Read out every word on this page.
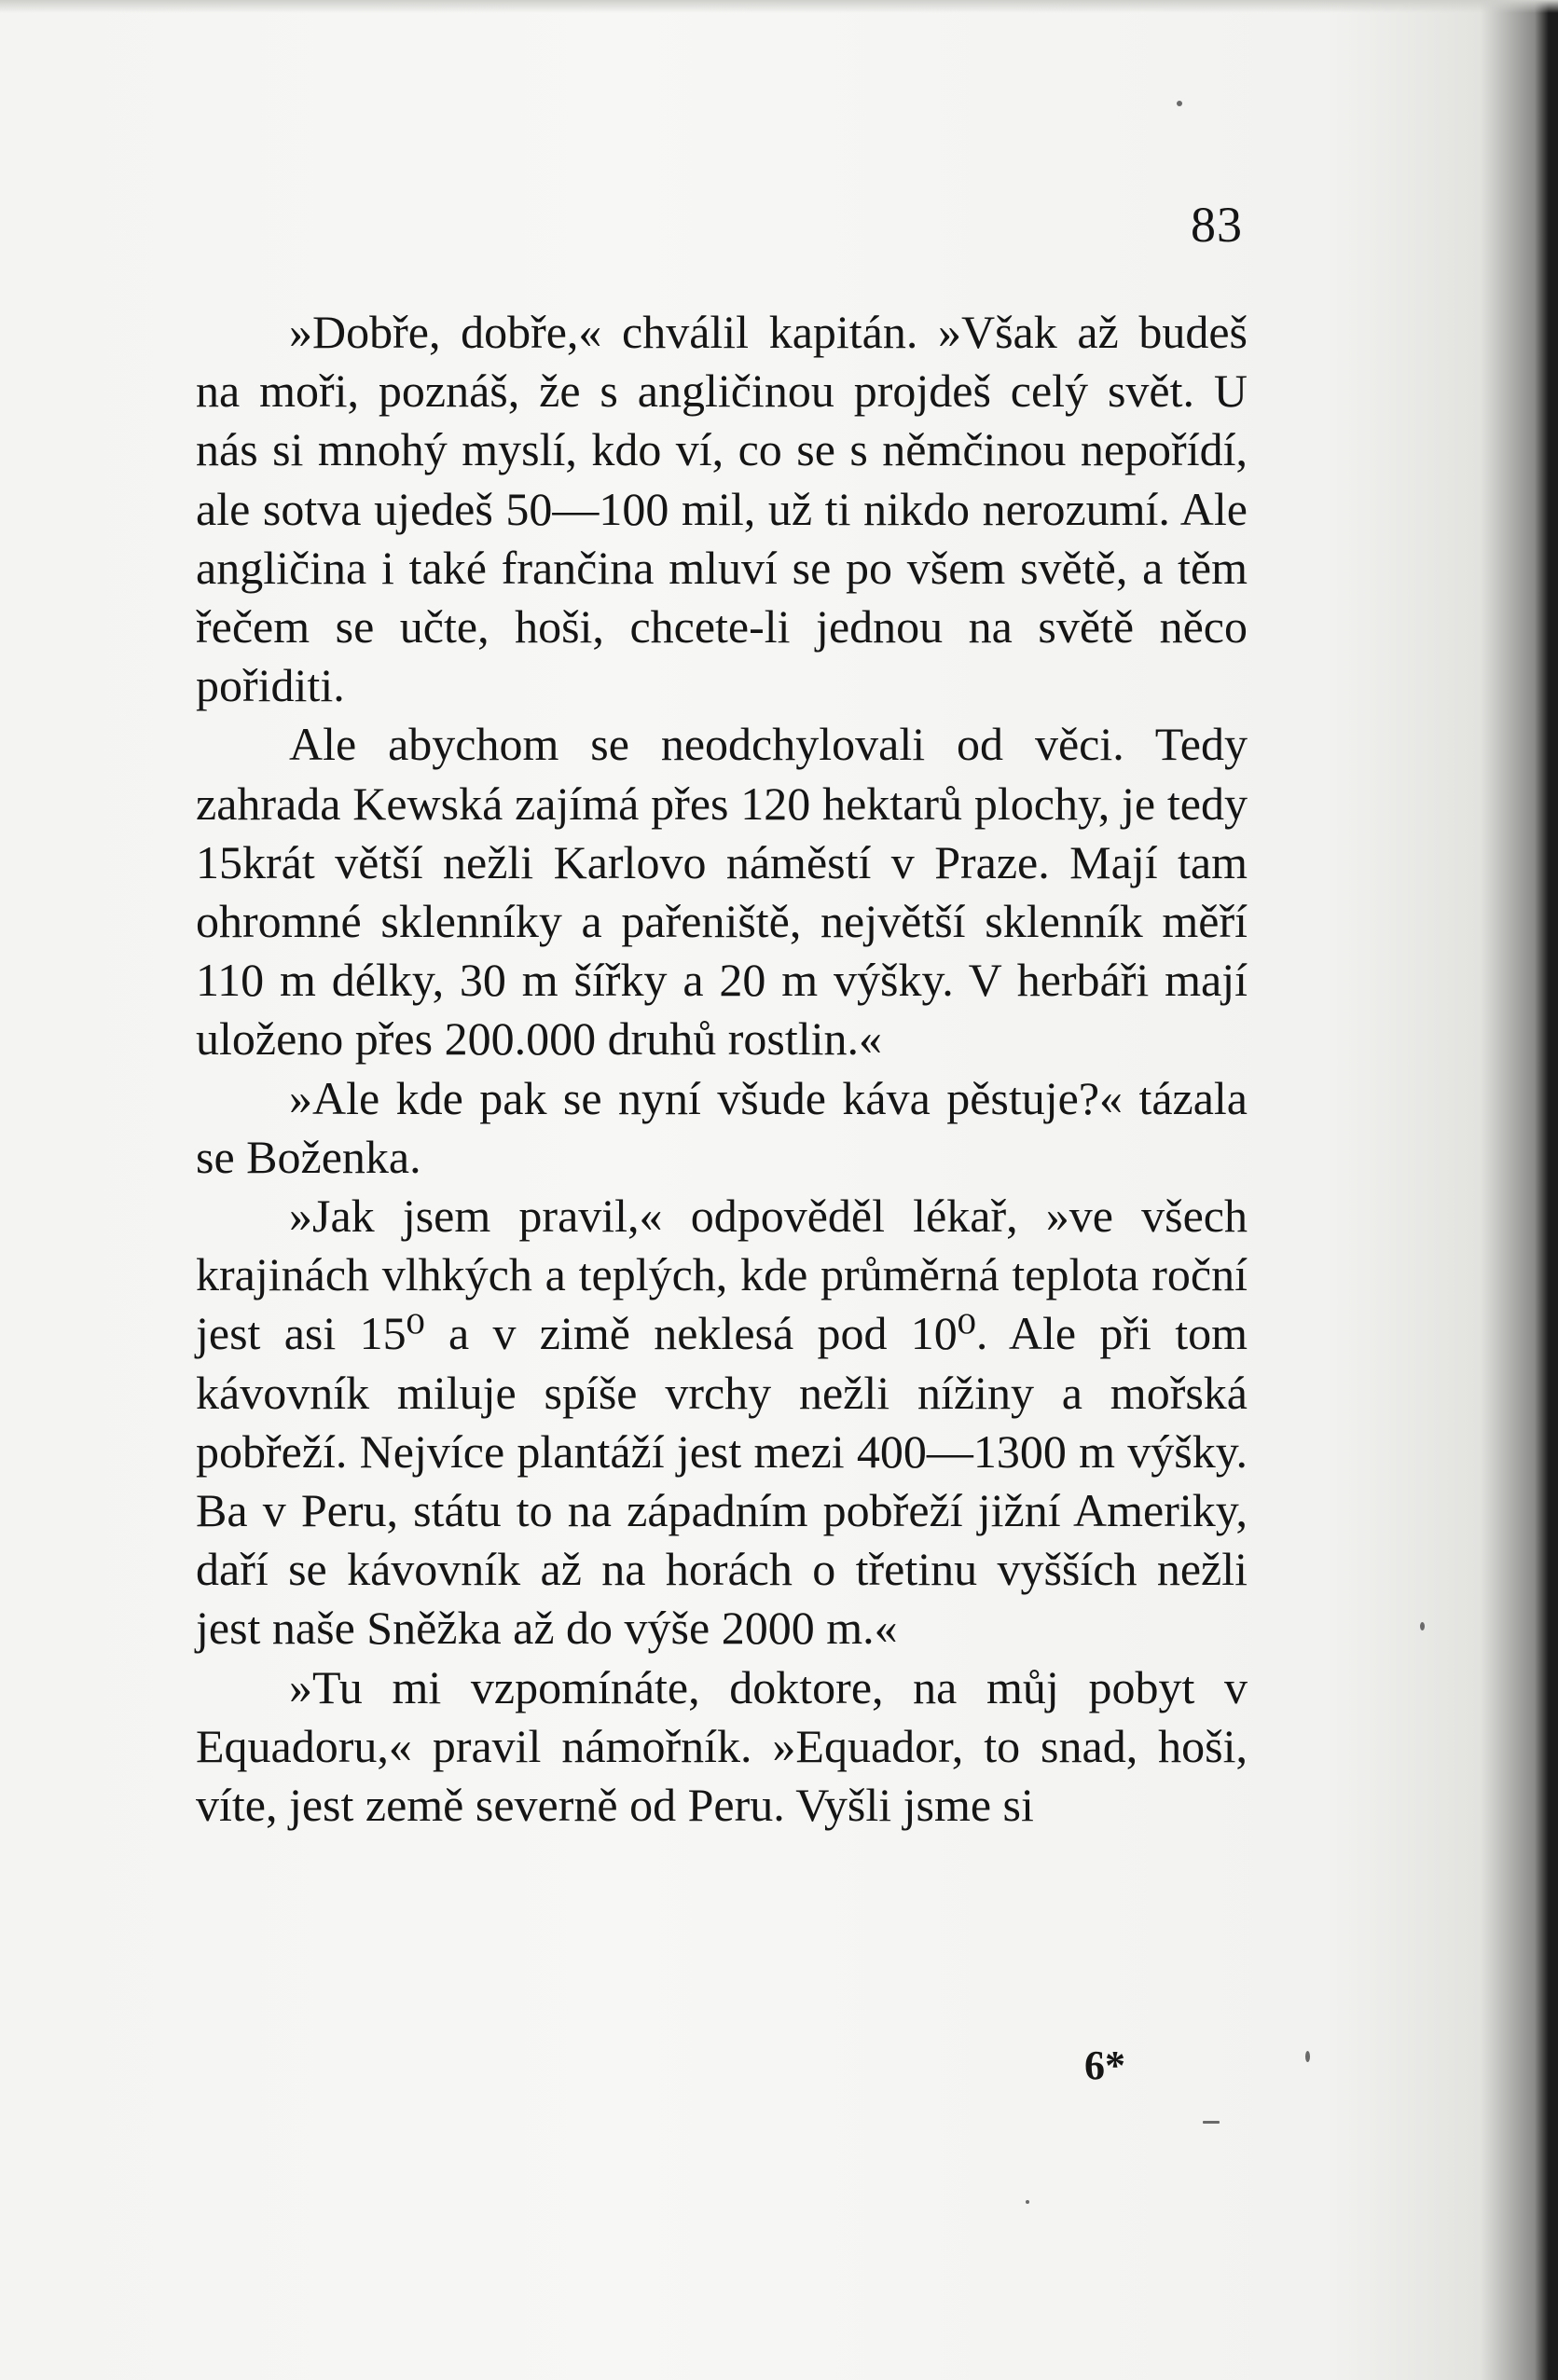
83

»Dobře, dobře,« chválil kapitán. »Však až budeš na moři, poznáš, že s angličinou projdeš celý svět. U nás si mnohý myslí, kdo ví, co se s němčinou nepořídí, ale sotva ujedeš 50—100 mil, už ti nikdo nerozumí. Ale angličina i také frančina mluví se po všem světě, a těm řečem se učte, hoši, chcete-li jednou na světě něco pořiditi.

Ale abychom se neodchylovali od věci. Tedy zahrada Kewská zajímá přes 120 hektarů plochy, je tedy 15krát větší nežli Karlovo náměstí v Praze. Mají tam ohromné sklenníky a pařeniště, největší sklenník měří 110 m délky, 30 m šířky a 20 m výšky. V herbáři mají uloženo přes 200.000 druhů rostlin.«

»Ale kde pak se nyní všude káva pěstuje?« tázala se Boženka.

»Jak jsem pravil,« odpověděl lékař, »ve všech krajinách vlhkých a teplých, kde průměrná teplota roční jest asi 15⁰ a v zimě neklesá pod 10⁰. Ale při tom kávovník miluje spíše vrchy nežli nížiny a mořská pobřeží. Nejvíce plantáží jest mezi 400—1300 m výšky. Ba v Peru, státu to na západním pobřeží jižní Ameriky, daří se kávovník až na horách o třetinu vyšších nežli jest naše Sněžka až do výše 2000 m.«

»Tu mi vzpomínáte, doktore, na můj pobyt v Equadoru,« pravil námořník. »Equador, to snad, hoši, víte, jest země severně od Peru. Vyšli jsme si

6*
